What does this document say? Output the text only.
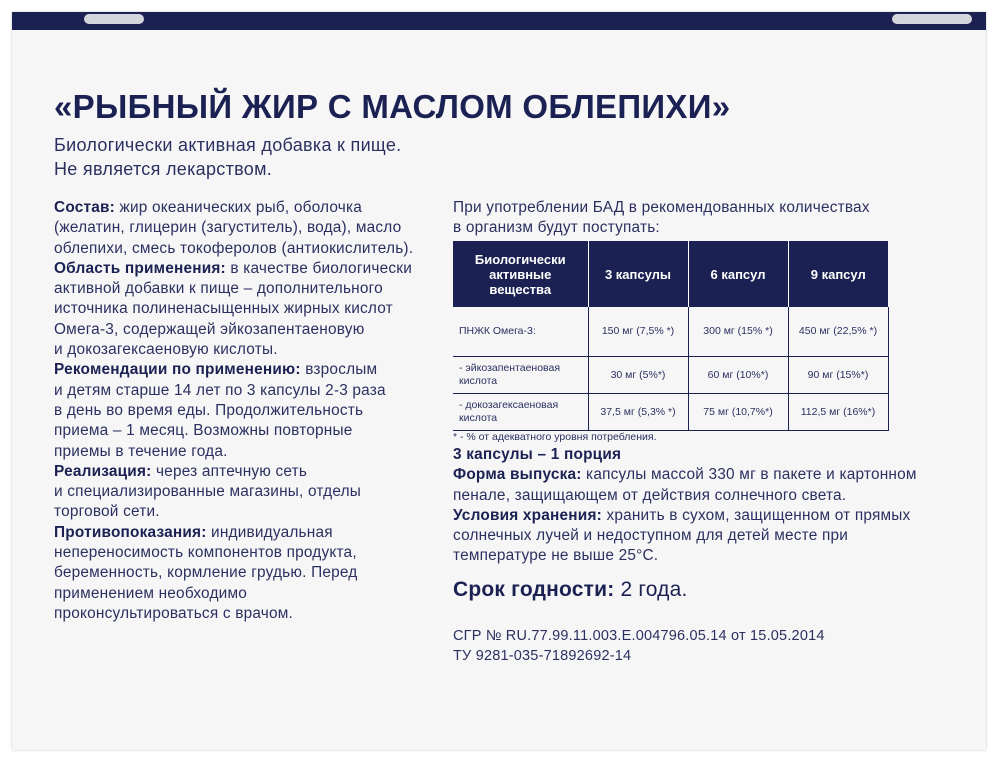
«РЫБНЫЙ ЖИР С МАСЛОМ ОБЛЕПИХИ»
Биологически активная добавка к пище.
Не является лекарством.
Состав: жир океанических рыб, оболочка
(желатин, глицерин (загуститель), вода), масло
облепихи, смесь токоферолов (антиокислитель).
Область применения: в качестве биологически
активной добавки к пище – дополнительного
источника полиненасыщенных жирных кислот
Омега-3, содержащей эйкозапентаеновую
и докозагексаеновую кислоты.
Рекомендации по применению: взрослым
и детям старше 14 лет по 3 капсулы 2-3 раза
в день во время еды. Продолжительность
приема – 1 месяц. Возможны повторные
приемы в течение года.
Реализация: через аптечную сеть
и специализированные магазины, отделы
торговой сети.
Противопоказания: индивидуальная
непереносимость компонентов продукта,
беременность, кормление грудью. Перед
применением необходимо
проконсультироваться с врачом.
При употреблении БАД в рекомендованных количествах
в организм будут поступать:
Биологически активные вещества	3 капсулы	6 капсул	9 капсул
ПНЖК Омега-3:	150 мг (7,5% *)	300 мг (15% *)	450 мг (22,5% *)
- эйкозапентаеновая кислота	30 мг (5%*)	60 мг (10%*)	90 мг (15%*)
- докозагексаеновая кислота	37,5 мг (5,3% *)	75 мг (10,7%*)	112,5 мг (16%*)
* - % от адекватного уровня потребления.
3 капсулы – 1 порция
Форма выпуска: капсулы массой 330 мг в пакете и картонном
пенале, защищающем от действия солнечного света.
Условия хранения: хранить в сухом, защищенном от прямых
солнечных лучей и недоступном для детей месте при
температуре не выше 25°С.
Срок годности: 2 года.
СГР № RU.77.99.11.003.Е.004796.05.14 от 15.05.2014
ТУ 9281-035-71892692-14
